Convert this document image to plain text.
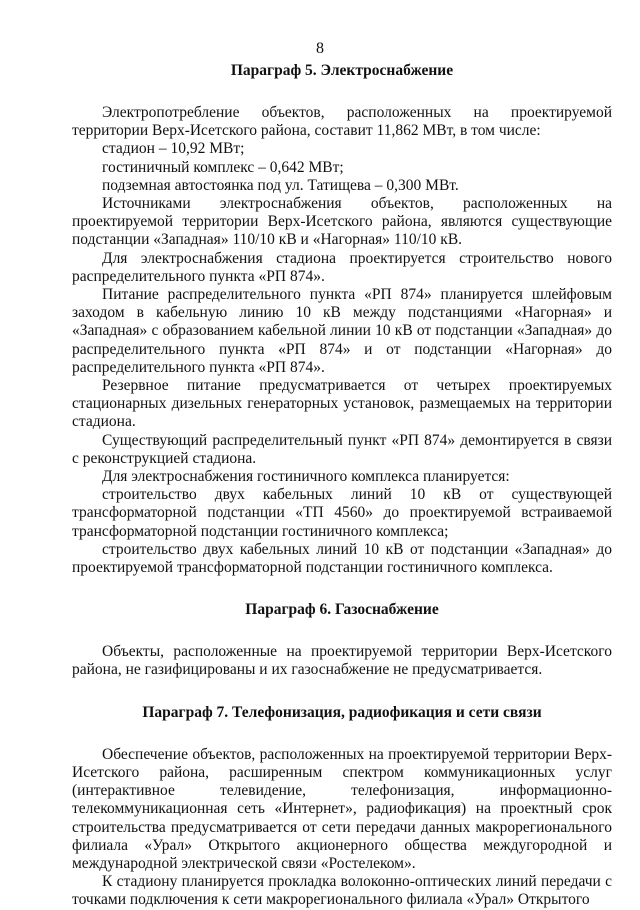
8

Параграф 5. Электроснабжение

Электропотребление объектов, расположенных на проектируемой территории Верх-Исетского района, составит 11,862 МВт, в том числе:

стадион – 10,92 МВт;

гостиничный комплекс – 0,642 МВт;

подземная автостоянка под ул. Татищева – 0,300 МВт.

Источниками электроснабжения объектов, расположенных на проектируемой территории Верх-Исетского района, являются существующие подстанции «Западная» 110/10 кВ и «Нагорная» 110/10 кВ.

Для электроснабжения стадиона проектируется строительство нового распределительного пункта «РП 874».

Питание распределительного пункта «РП 874» планируется шлейфовым заходом в кабельную линию 10 кВ между подстанциями «Нагорная» и «Западная» с образованием кабельной линии 10 кВ от подстанции «Западная» до распределительного пункта «РП 874» и от подстанции «Нагорная» до распределительного пункта «РП 874».

Резервное питание предусматривается от четырех проектируемых стационарных дизельных генераторных установок, размещаемых на территории стадиона.

Существующий распределительный пункт «РП 874» демонтируется в связи с реконструкцией стадиона.

Для электроснабжения гостиничного комплекса планируется:

строительство двух кабельных линий 10 кВ от существующей трансформаторной подстанции «ТП 4560» до проектируемой встраиваемой трансформаторной подстанции гостиничного комплекса;

строительство двух кабельных линий 10 кВ от подстанции «Западная» до проектируемой трансформаторной подстанции гостиничного комплекса.

Параграф 6. Газоснабжение

Объекты, расположенные на проектируемой территории Верх-Исетского района, не газифицированы и их газоснабжение не предусматривается.

Параграф 7. Телефонизация, радиофикация и сети связи

Обеспечение объектов, расположенных на проектируемой территории Верх-Исетского района, расширенным спектром коммуникационных услуг (интерактивное телевидение, телефонизация, информационно-телекоммуникационная сеть «Интернет», радиофикация) на проектный срок строительства предусматривается от сети передачи данных макрорегионального филиала «Урал» Открытого акционерного общества междугородной и международной электрической связи «Ростелеком».

К стадиону планируется прокладка волоконно-оптических линий передачи с точками подключения к сети макрорегионального филиала «Урал» Открытого
